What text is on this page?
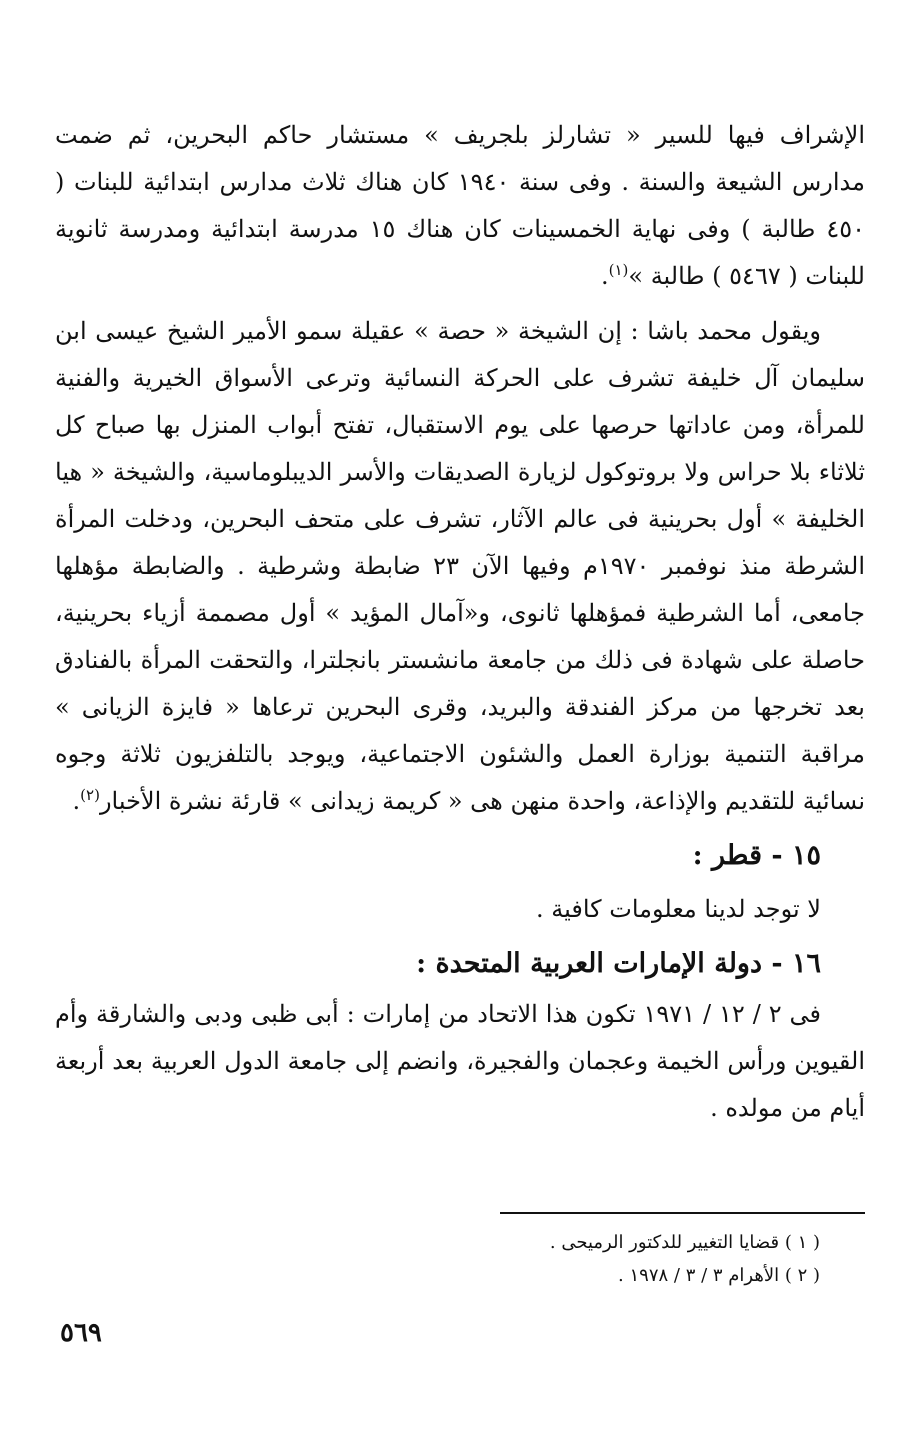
الإشراف فيها للسير « تشارلز بلجريف » مستشار حاكم البحرين، ثم ضمت مدارس الشيعة والسنة . وفى سنة ١٩٤٠ كان هناك ثلاث مدارس ابتدائية للبنات ( ٤٥٠ طالبة ) وفى نهاية الخمسينات كان هناك ١٥ مدرسة ابتدائية ومدرسة ثانوية للبنات ( ٥٤٦٧ ) طالبة »$^{(١)}$.

ويقول محمد باشا : إن الشيخة « حصة » عقيلة سمو الأمير الشيخ عيسى ابن سليمان آل خليفة تشرف على الحركة النسائية وترعى الأسواق الخيرية والفنية للمرأة، ومن عاداتها حرصها على يوم الاستقبال، تفتح أبواب المنزل بها صباح كل ثلاثاء بلا حراس ولا بروتوكول لزيارة الصديقات والأسر الديبلوماسية، والشيخة « هيا الخليفة » أول بحرينية فى عالم الآثار، تشرف على متحف البحرين، ودخلت المرأة الشرطة منذ نوفمبر ١٩٧٠م وفيها الآن ٢٣ ضابطة وشرطية . والضابطة مؤهلها جامعى، أما الشرطية فمؤهلها ثانوى، و«آمال المؤيد » أول مصممة أزياء بحرينية، حاصلة على شهادة فى ذلك من جامعة مانشستر بانجلترا، والتحقت المرأة بالفنادق بعد تخرجها من مركز الفندقة والبريد، وقرى البحرين ترعاها « فايزة الزيانى » مراقبة التنمية بوزارة العمل والشئون الاجتماعية، ويوجد بالتلفزيون ثلاثة وجوه نسائية للتقديم والإذاعة، واحدة منهن هى « كريمة زيدانى » قارئة نشرة الأخبار$^{(٢)}$.

١٥ - قطر :

لا توجد لدينا معلومات كافية .

١٦ - دولة الإمارات العربية المتحدة :

فى ٢ / ١٢ / ١٩٧١ تكون هذا الاتحاد من إمارات : أبى ظبى ودبى والشارقة وأم القيوين ورأس الخيمة وعجمان والفجيرة، وانضم إلى جامعة الدول العربية بعد أربعة أيام من مولده .

( ١ ) قضايا التغيير للدكتور الرميحى .

( ٢ ) الأهرام ٣ / ٣ / ١٩٧٨ .

٥٦٩
